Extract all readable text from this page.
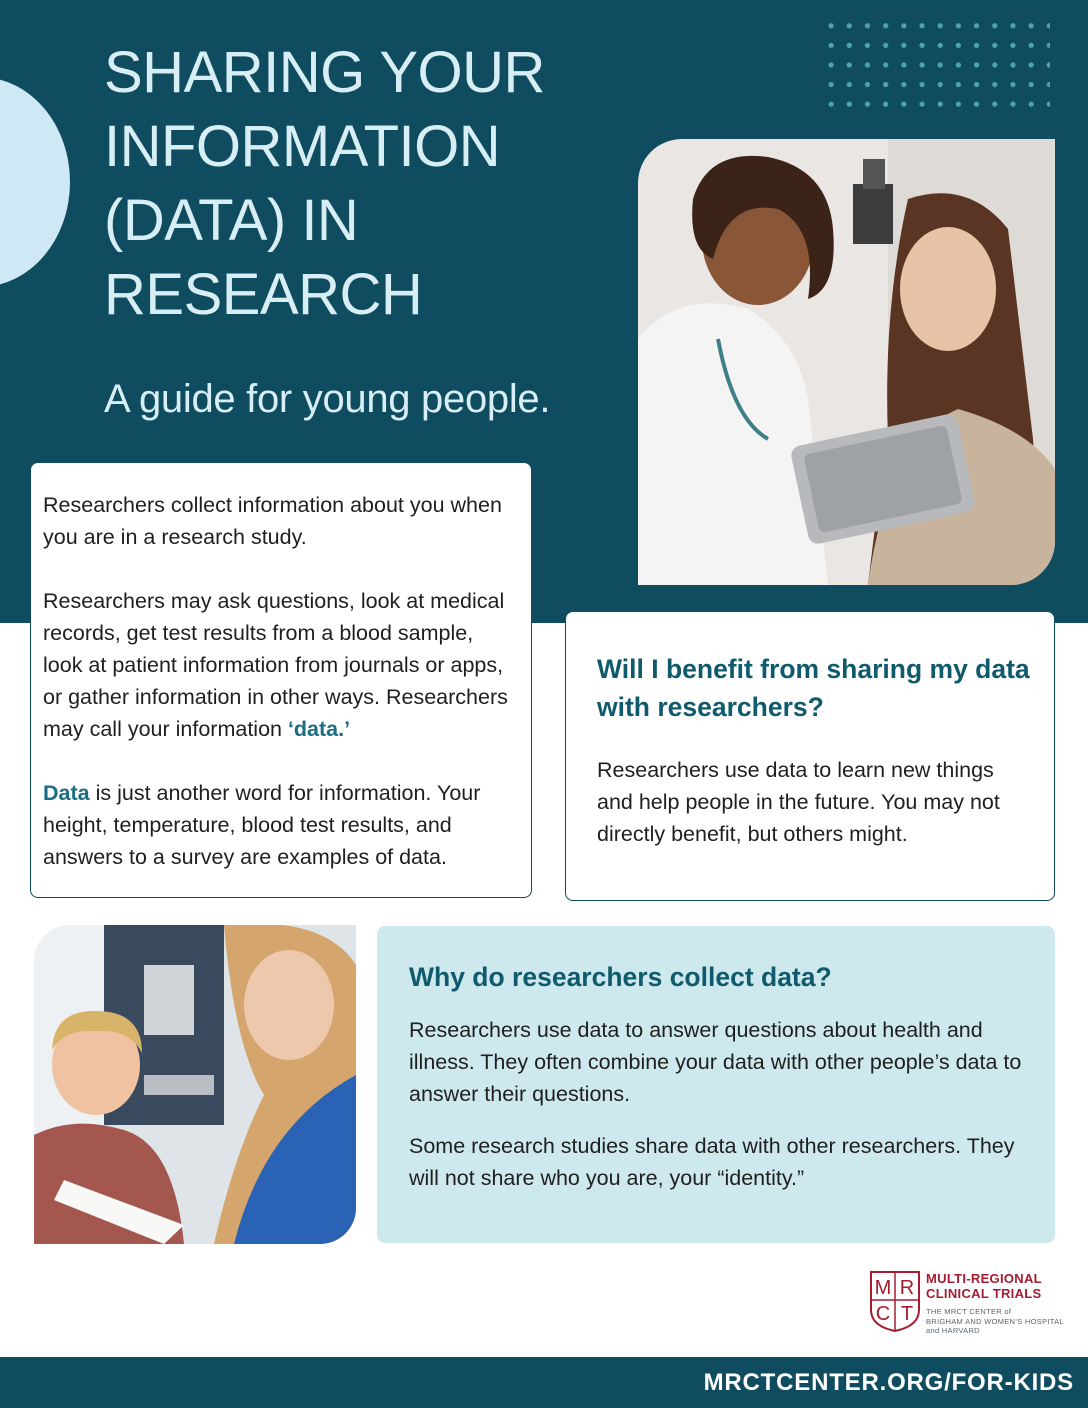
SHARING YOUR INFORMATION (DATA) IN RESEARCH
A guide for young people.

Researchers collect information about you when you are in a research study.

Researchers may ask questions, look at medical records, get test results from a blood sample, look at patient information from journals or apps, or gather information in other ways. Researchers may call your information ‘data.’

Data is just another word for information. Your height, temperature, blood test results, and answers to a survey are examples of data.

Will I benefit from sharing my data with researchers?

Researchers use data to learn new things and help people in the future. You may not directly benefit, but others might.

Why do researchers collect data?

Researchers use data to answer questions about health and illness. They often combine your data with other people’s data to answer their questions.

Some research studies share data with other researchers. They will not share who you are, your “identity.”

M R
C T
MULTI-REGIONAL
CLINICAL TRIALS
THE MRCT CENTER of
BRIGHAM AND WOMEN’S HOSPITAL
and HARVARD
MRCTCENTER.ORG/FOR-KIDS
